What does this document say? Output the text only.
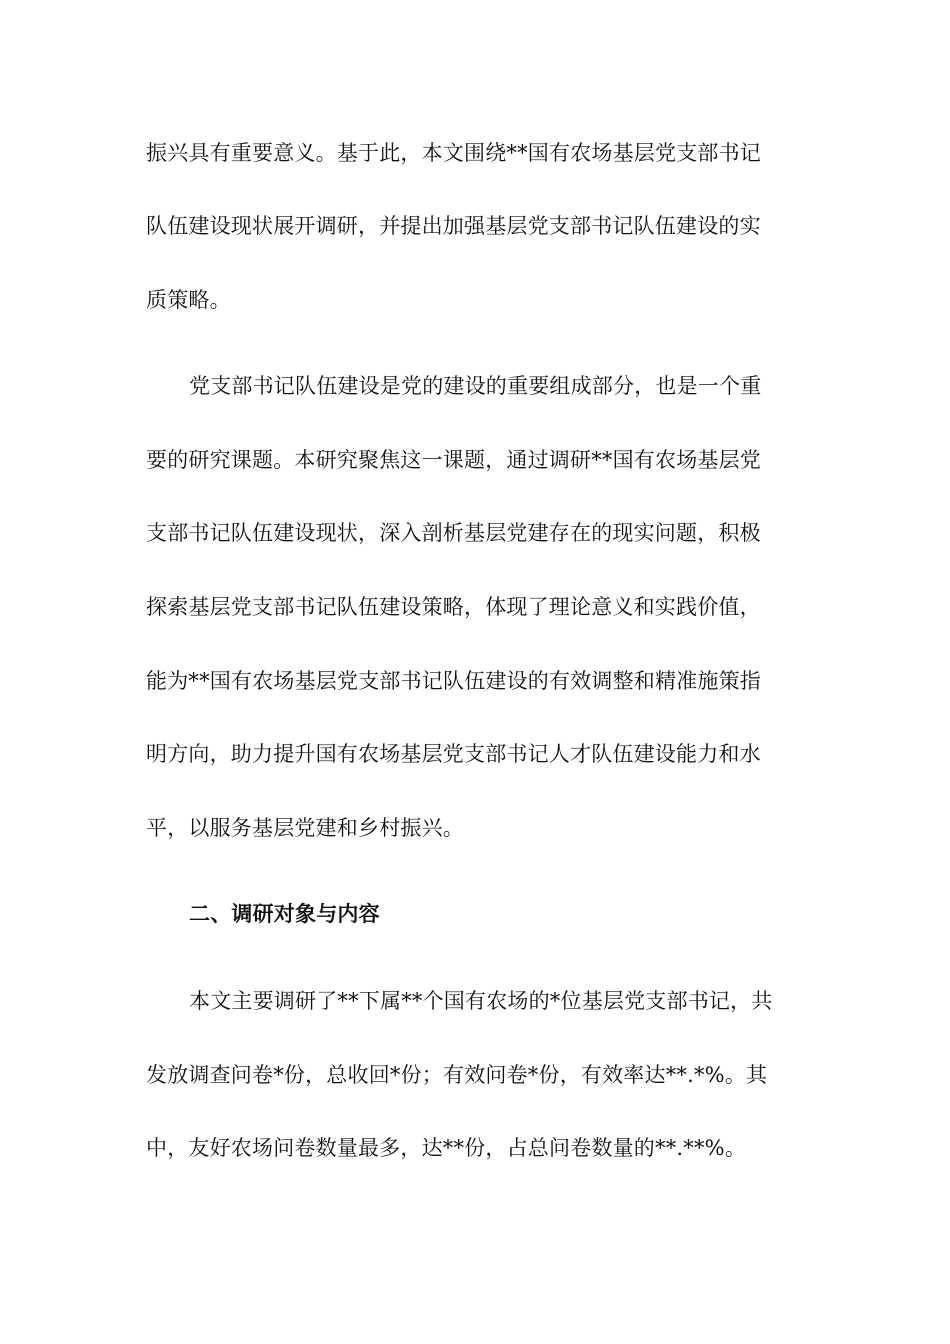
振兴具有重要意义。基于此，本文围绕**国有农场基层党支部书记
队伍建设现状展开调研，并提出加强基层党支部书记队伍建设的实
质策略。
党支部书记队伍建设是党的建设的重要组成部分，也是一个重
要的研究课题。本研究聚焦这一课题，通过调研**国有农场基层党
支部书记队伍建设现状，深入剖析基层党建存在的现实问题，积极
探索基层党支部书记队伍建设策略，体现了理论意义和实践价值，
能为**国有农场基层党支部书记队伍建设的有效调整和精准施策指
明方向，助力提升国有农场基层党支部书记人才队伍建设能力和水
平，以服务基层党建和乡村振兴。
二、调研对象与内容
本文主要调研了**下属**个国有农场的*位基层党支部书记，共
发放调查问卷*份，总收回*份；有效问卷*份，有效率达**.*%。其
中，友好农场问卷数量最多，达**份，占总问卷数量的**.**%。
